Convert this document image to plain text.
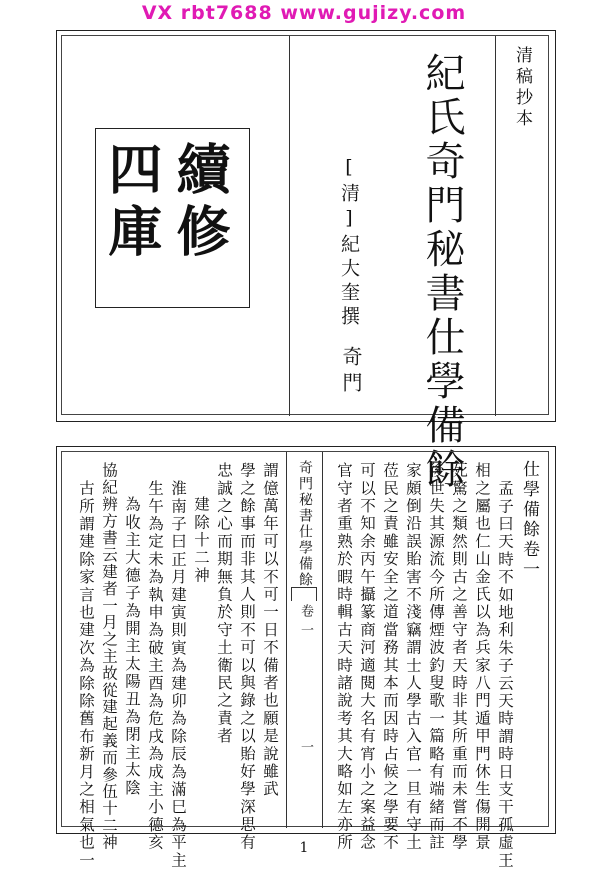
VX rbt7688 www.gujizy.com
清稿抄本
紀氏奇門秘書仕學備餘
[清]紀大奎撰
奇門
續修
四庫
奇門秘書仕學備餘
卷一
一
仕學備餘卷一
孟子曰天時不如地利朱子云天時謂時日支干孤虛王
相之屬也仁山金氏以為兵家八門遁甲門休生傷開景
死驚之類然則古之善守者天時非其所重而未嘗不學
後世失其源流今所傳煙波釣叟歌一篇略有端緒而註
家頗倒沿誤貽害不淺竊謂士人學古入官一旦有守土
莅民之責雖安全之道當務其本而因時占候之學要不
可以不知余丙午攝篆商河適閱大名有宵小之案益念
官守者重熟於暇時輯古天時諸說考其大略如左亦所
謂億萬年可以不可一日不備者也願是說雖武
學之餘事而非其人則不可以與錄之以貽好學深思有
忠誠之心而期無負於守土衛民之責者
建除十二神
淮南子曰正月建寅則寅為建卯為除辰為滿巳為平主
生午為定未為執申為破主酉為危戌為成主小德亥
為收主大德子為開主太陽丑為閉主太陰
協紀辨方書云建者一月之主故從建起義而參伍十二神
古所謂建除家言也建次為除除舊布新月之相氣也一	1
